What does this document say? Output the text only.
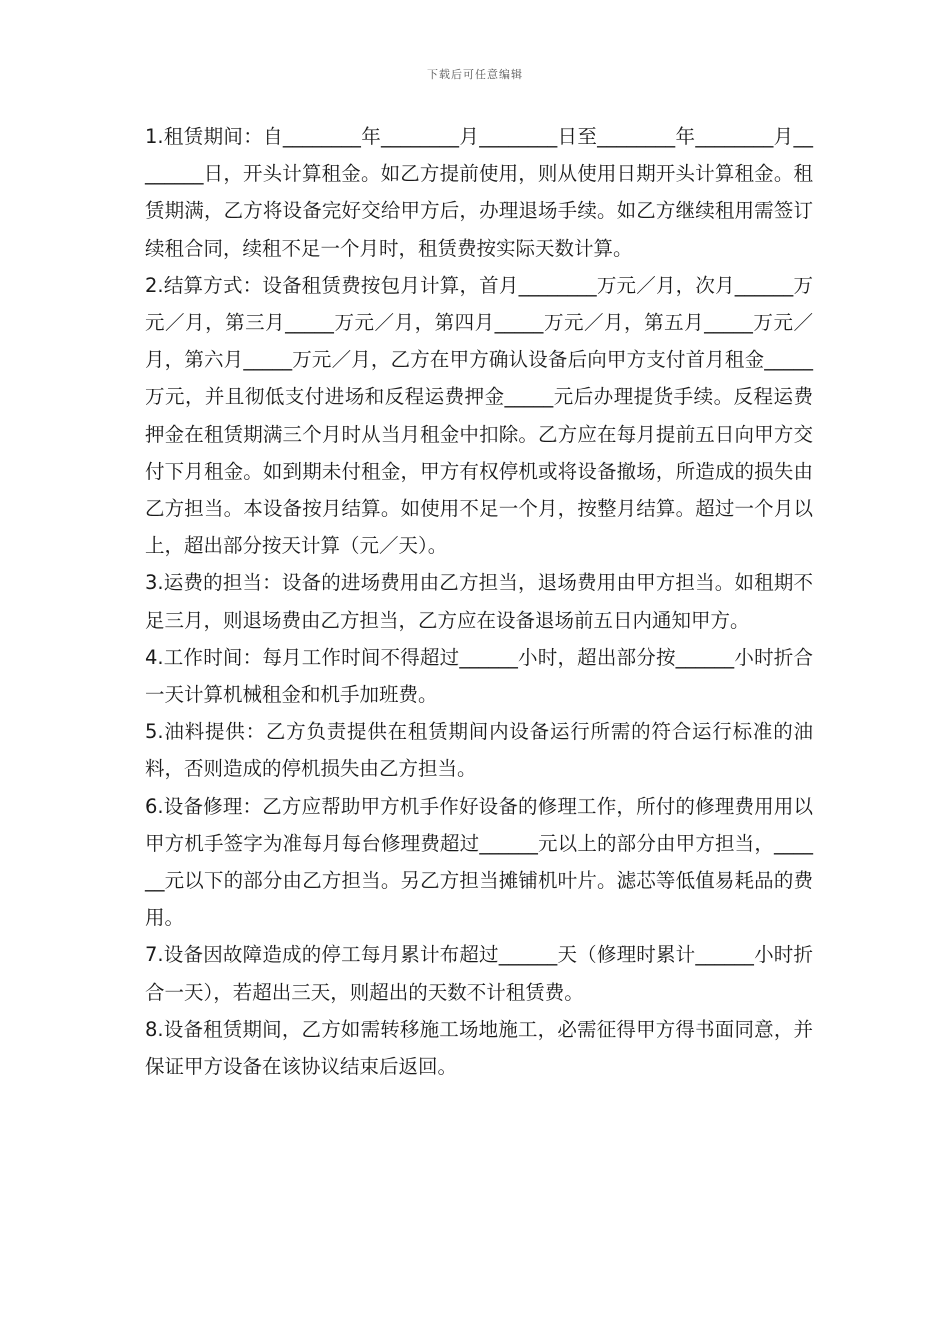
下载后可任意编辑

1.租赁期间：自________年________月________日至________年________月________日，开头计算租金。如乙方提前使用，则从使用日期开头计算租金。租赁期满，乙方将设备完好交给甲方后，办理退场手续。如乙方继续租用需签订续租合同，续租不足一个月时，租赁费按实际天数计算。

2.结算方式：设备租赁费按包月计算，首月________万元／月，次月______万元／月，第三月_____万元／月，第四月_____万元／月，第五月_____万元／月，第六月_____万元／月，乙方在甲方确认设备后向甲方支付首月租金_____万元，并且彻低支付进场和反程运费押金_____元后办理提货手续。反程运费押金在租赁期满三个月时从当月租金中扣除。乙方应在每月提前五日向甲方交付下月租金。如到期未付租金，甲方有权停机或将设备撤场，所造成的损失由乙方担当。本设备按月结算。如使用不足一个月，按整月结算。超过一个月以上，超出部分按天计算（元／天）。

3.运费的担当：设备的进场费用由乙方担当，退场费用由甲方担当。如租期不足三月，则退场费由乙方担当，乙方应在设备退场前五日内通知甲方。

4.工作时间：每月工作时间不得超过______小时，超出部分按______小时折合一天计算机械租金和机手加班费。

5.油料提供：乙方负责提供在租赁期间内设备运行所需的符合运行标准的油料，否则造成的停机损失由乙方担当。

6.设备修理：乙方应帮助甲方机手作好设备的修理工作，所付的修理费用用以甲方机手签字为准每月每台修理费超过______元以上的部分由甲方担当，______元以下的部分由乙方担当。另乙方担当摊铺机叶片。滤芯等低值易耗品的费用。

7.设备因故障造成的停工每月累计布超过______天（修理时累计______小时折合一天），若超出三天，则超出的天数不计租赁费。

8.设备租赁期间，乙方如需转移施工场地施工，必需征得甲方得书面同意，并保证甲方设备在该协议结束后返回。
